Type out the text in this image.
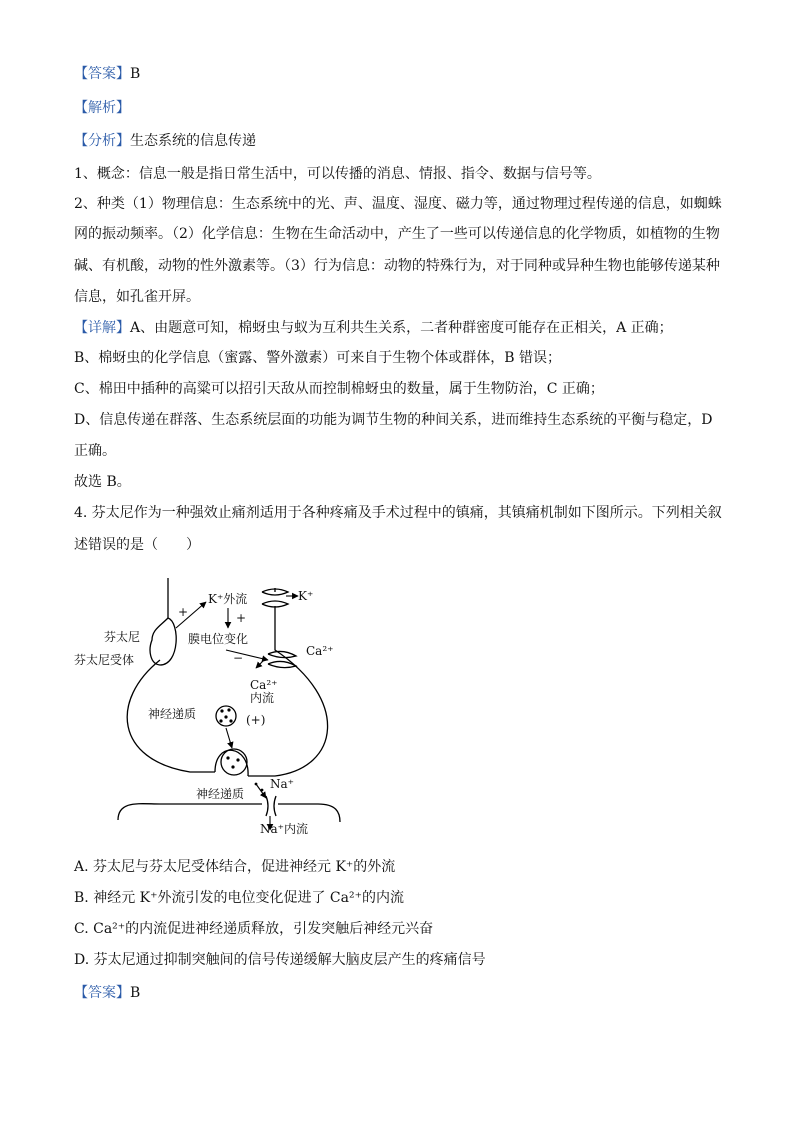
【答案】B
【解析】
【分析】生态系统的信息传递
1、概念：信息一般是指日常生活中，可以传播的消息、情报、指令、数据与信号等。
2、种类（1）物理信息：生态系统中的光、声、温度、湿度、磁力等，通过物理过程传递的信息，如蜘蛛
网的振动频率。（2）化学信息：生物在生命活动中，产生了一些可以传递信息的化学物质，如植物的生物
碱、有机酸，动物的性外激素等。（3）行为信息：动物的特殊行为，对于同种或异种生物也能够传递某种
信息，如孔雀开屏。
【详解】A、由题意可知，棉蚜虫与蚁为互利共生关系，二者种群密度可能存在正相关，A 正确；
B、棉蚜虫的化学信息（蜜露、警外激素）可来自于生物个体或群体，B 错误；
C、棉田中插种的高粱可以招引天敌从而控制棉蚜虫的数量，属于生物防治，C 正确；
D、信息传递在群落、生态系统层面的功能为调节生物的种间关系，进而维持生态系统的平衡与稳定，D
正确。
故选 B。
4. 芬太尼作为一种强效止痛剂适用于各种疼痛及手术过程中的镇痛，其镇痛机制如下图所示。下列相关叙
述错误的是（　　）
K⁺外流	K⁺
+	+
芬太尼
芬太尼受体
膜电位变化
−	Ca²⁺
Ca²⁺
内流
神经递质	(+)
Na⁺
神经递质
Na⁺内流
A. 芬太尼与芬太尼受体结合，促进神经元 K⁺的外流
B. 神经元 K⁺外流引发的电位变化促进了 Ca²⁺的内流
C. Ca²⁺的内流促进神经递质释放，引发突触后神经元兴奋
D. 芬太尼通过抑制突触间的信号传递缓解大脑皮层产生的疼痛信号
【答案】B
